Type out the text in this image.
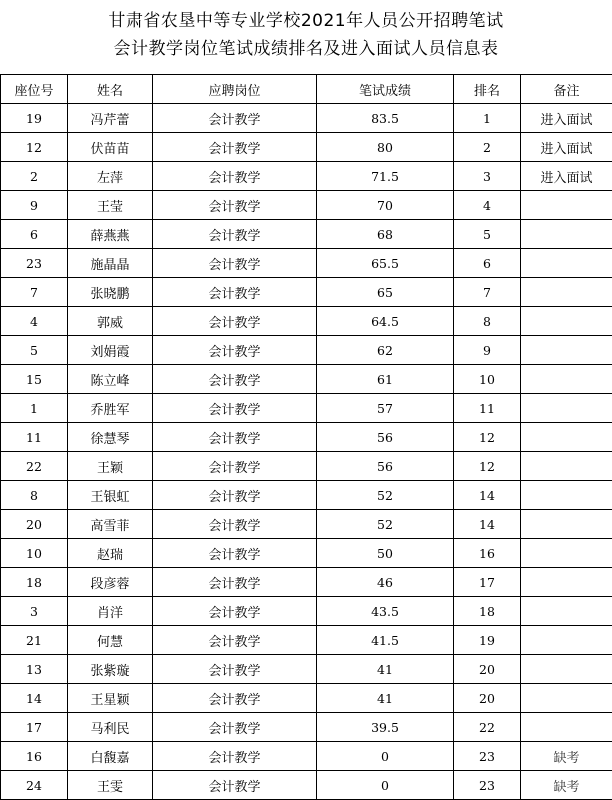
甘肃省农垦中等专业学校2021年人员公开招聘笔试
会计教学岗位笔试成绩排名及进入面试人员信息表
座位号	姓名	应聘岗位	笔试成绩	排名	备注
19	冯芹蕾	会计教学	83.5	1	进入面试
12	伏苗苗	会计教学	80	2	进入面试
2	左萍	会计教学	71.5	3	进入面试
9	王莹	会计教学	70	4	
6	薛燕燕	会计教学	68	5	
23	施晶晶	会计教学	65.5	6	
7	张晓鹏	会计教学	65	7	
4	郭威	会计教学	64.5	8	
5	刘娟霞	会计教学	62	9	
15	陈立峰	会计教学	61	10	
1	乔胜军	会计教学	57	11	
11	徐慧琴	会计教学	56	12	
22	王颖	会计教学	56	12	
8	王银虹	会计教学	52	14	
20	高雪菲	会计教学	52	14	
10	赵瑞	会计教学	50	16	
18	段彦蓉	会计教学	46	17	
3	肖洋	会计教学	43.5	18	
21	何慧	会计教学	41.5	19	
13	张紫璇	会计教学	41	20	
14	王星颖	会计教学	41	20	
17	马利民	会计教学	39.5	22	
16	白馥嘉	会计教学	0	23	缺考
24	王雯	会计教学	0	23	缺考
